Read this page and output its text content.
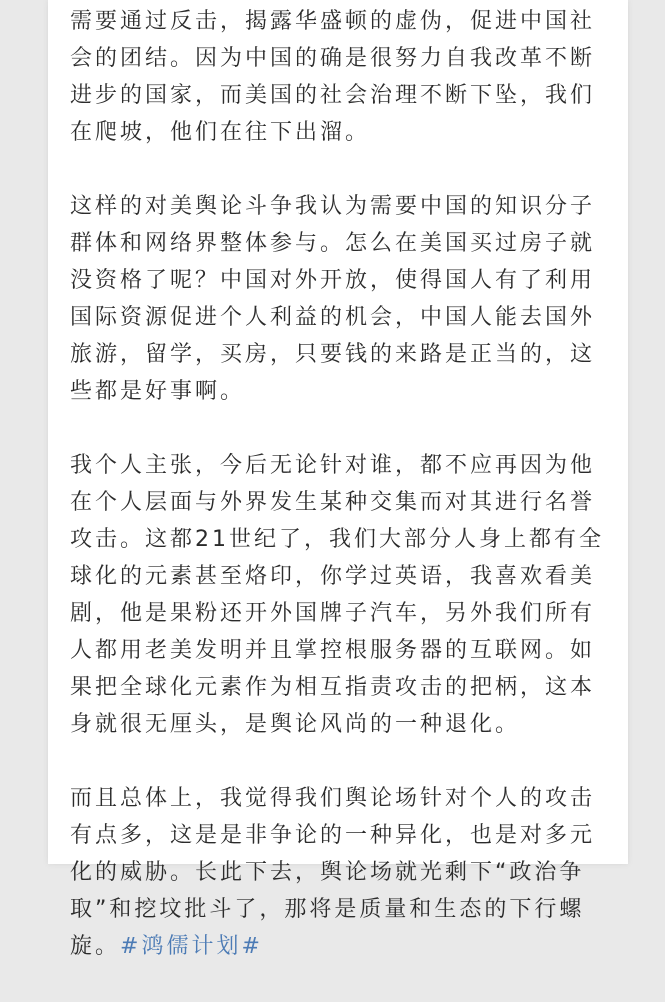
需要通过反击，揭露华盛顿的虚伪，促进中国社会的团结。因为中国的确是很努力自我改革不断进步的国家，而美国的社会治理不断下坠，我们在爬坡，他们在往下出溜。

这样的对美舆论斗争我认为需要中国的知识分子群体和网络界整体参与。怎么在美国买过房子就没资格了呢？中国对外开放，使得国人有了利用国际资源促进个人利益的机会，中国人能去国外旅游，留学，买房，只要钱的来路是正当的，这些都是好事啊。

我个人主张，今后无论针对谁，都不应再因为他在个人层面与外界发生某种交集而对其进行名誉攻击。这都21世纪了，我们大部分人身上都有全球化的元素甚至烙印，你学过英语，我喜欢看美剧，他是果粉还开外国牌子汽车，另外我们所有人都用老美发明并且掌控根服务器的互联网。如果把全球化元素作为相互指责攻击的把柄，这本身就很无厘头，是舆论风尚的一种退化。

而且总体上，我觉得我们舆论场针对个人的攻击有点多，这是是非争论的一种异化，也是对多元化的威胁。长此下去，舆论场就光剩下“政治争取”和挖坟批斗了，那将是质量和生态的下行螺旋。#鸿儒计划#
